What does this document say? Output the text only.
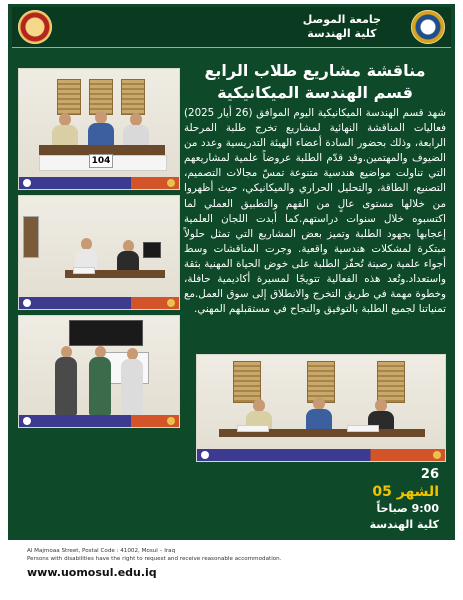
جامعة الموصل
كلية الهندسة
مناقشة مشاريع طلاب الرابع قسم الهندسة الميكانيكية
شهد قسم الهندسة الميكانيكية اليوم الموافق (26 أيار 2025) فعاليات المناقشة النهائية لمشاريع تخرج طلبة المرحلة الرابعة، وذلك بحضور السادة أعضاء الهيئة التدريسية وعدد من الضيوف والمهتمين.وقد قدّم الطلبة عروضاً علمية لمشاريعهم التي تناولت مواضيع هندسية متنوعة تمسّ مجالات التصميم، التصنيع، الطاقة، والتحليل الحراري والميكانيكي، حيث أظهروا من خلالها مستوى عالٍ من الفهم والتطبيق العملي لما اكتسبوه خلال سنوات دراستهم.كما أبدت اللجان العلمية إعجابها بجهود الطلبة وتميز بعض المشاريع التي تمثل حلولاً مبتكرة لمشكلات هندسية واقعية. وجرت المناقشات وسط أجواء علمية رصينة تُحفّز الطلبة على خوض الحياة المهنية بثقة واستعداد.وتُعد هذه الفعالية تتويجًا لمسيرة أكاديمية حافلة، وخطوة مهمة في طريق التخرج والانطلاق إلى سوق العمل.مع تمنياتنا لجميع الطلبة بالتوفيق والنجاح في مستقبلهم المهني.
104
26
الشهر 05
9:00 صباحاً
كلية الهندسة
Al Majmoaa Street, Postal Code : 41002, Mosul – Iraq
Persons with disabilities have the right to request and receive reasonable accommodation.
www.uomosul.edu.iq
